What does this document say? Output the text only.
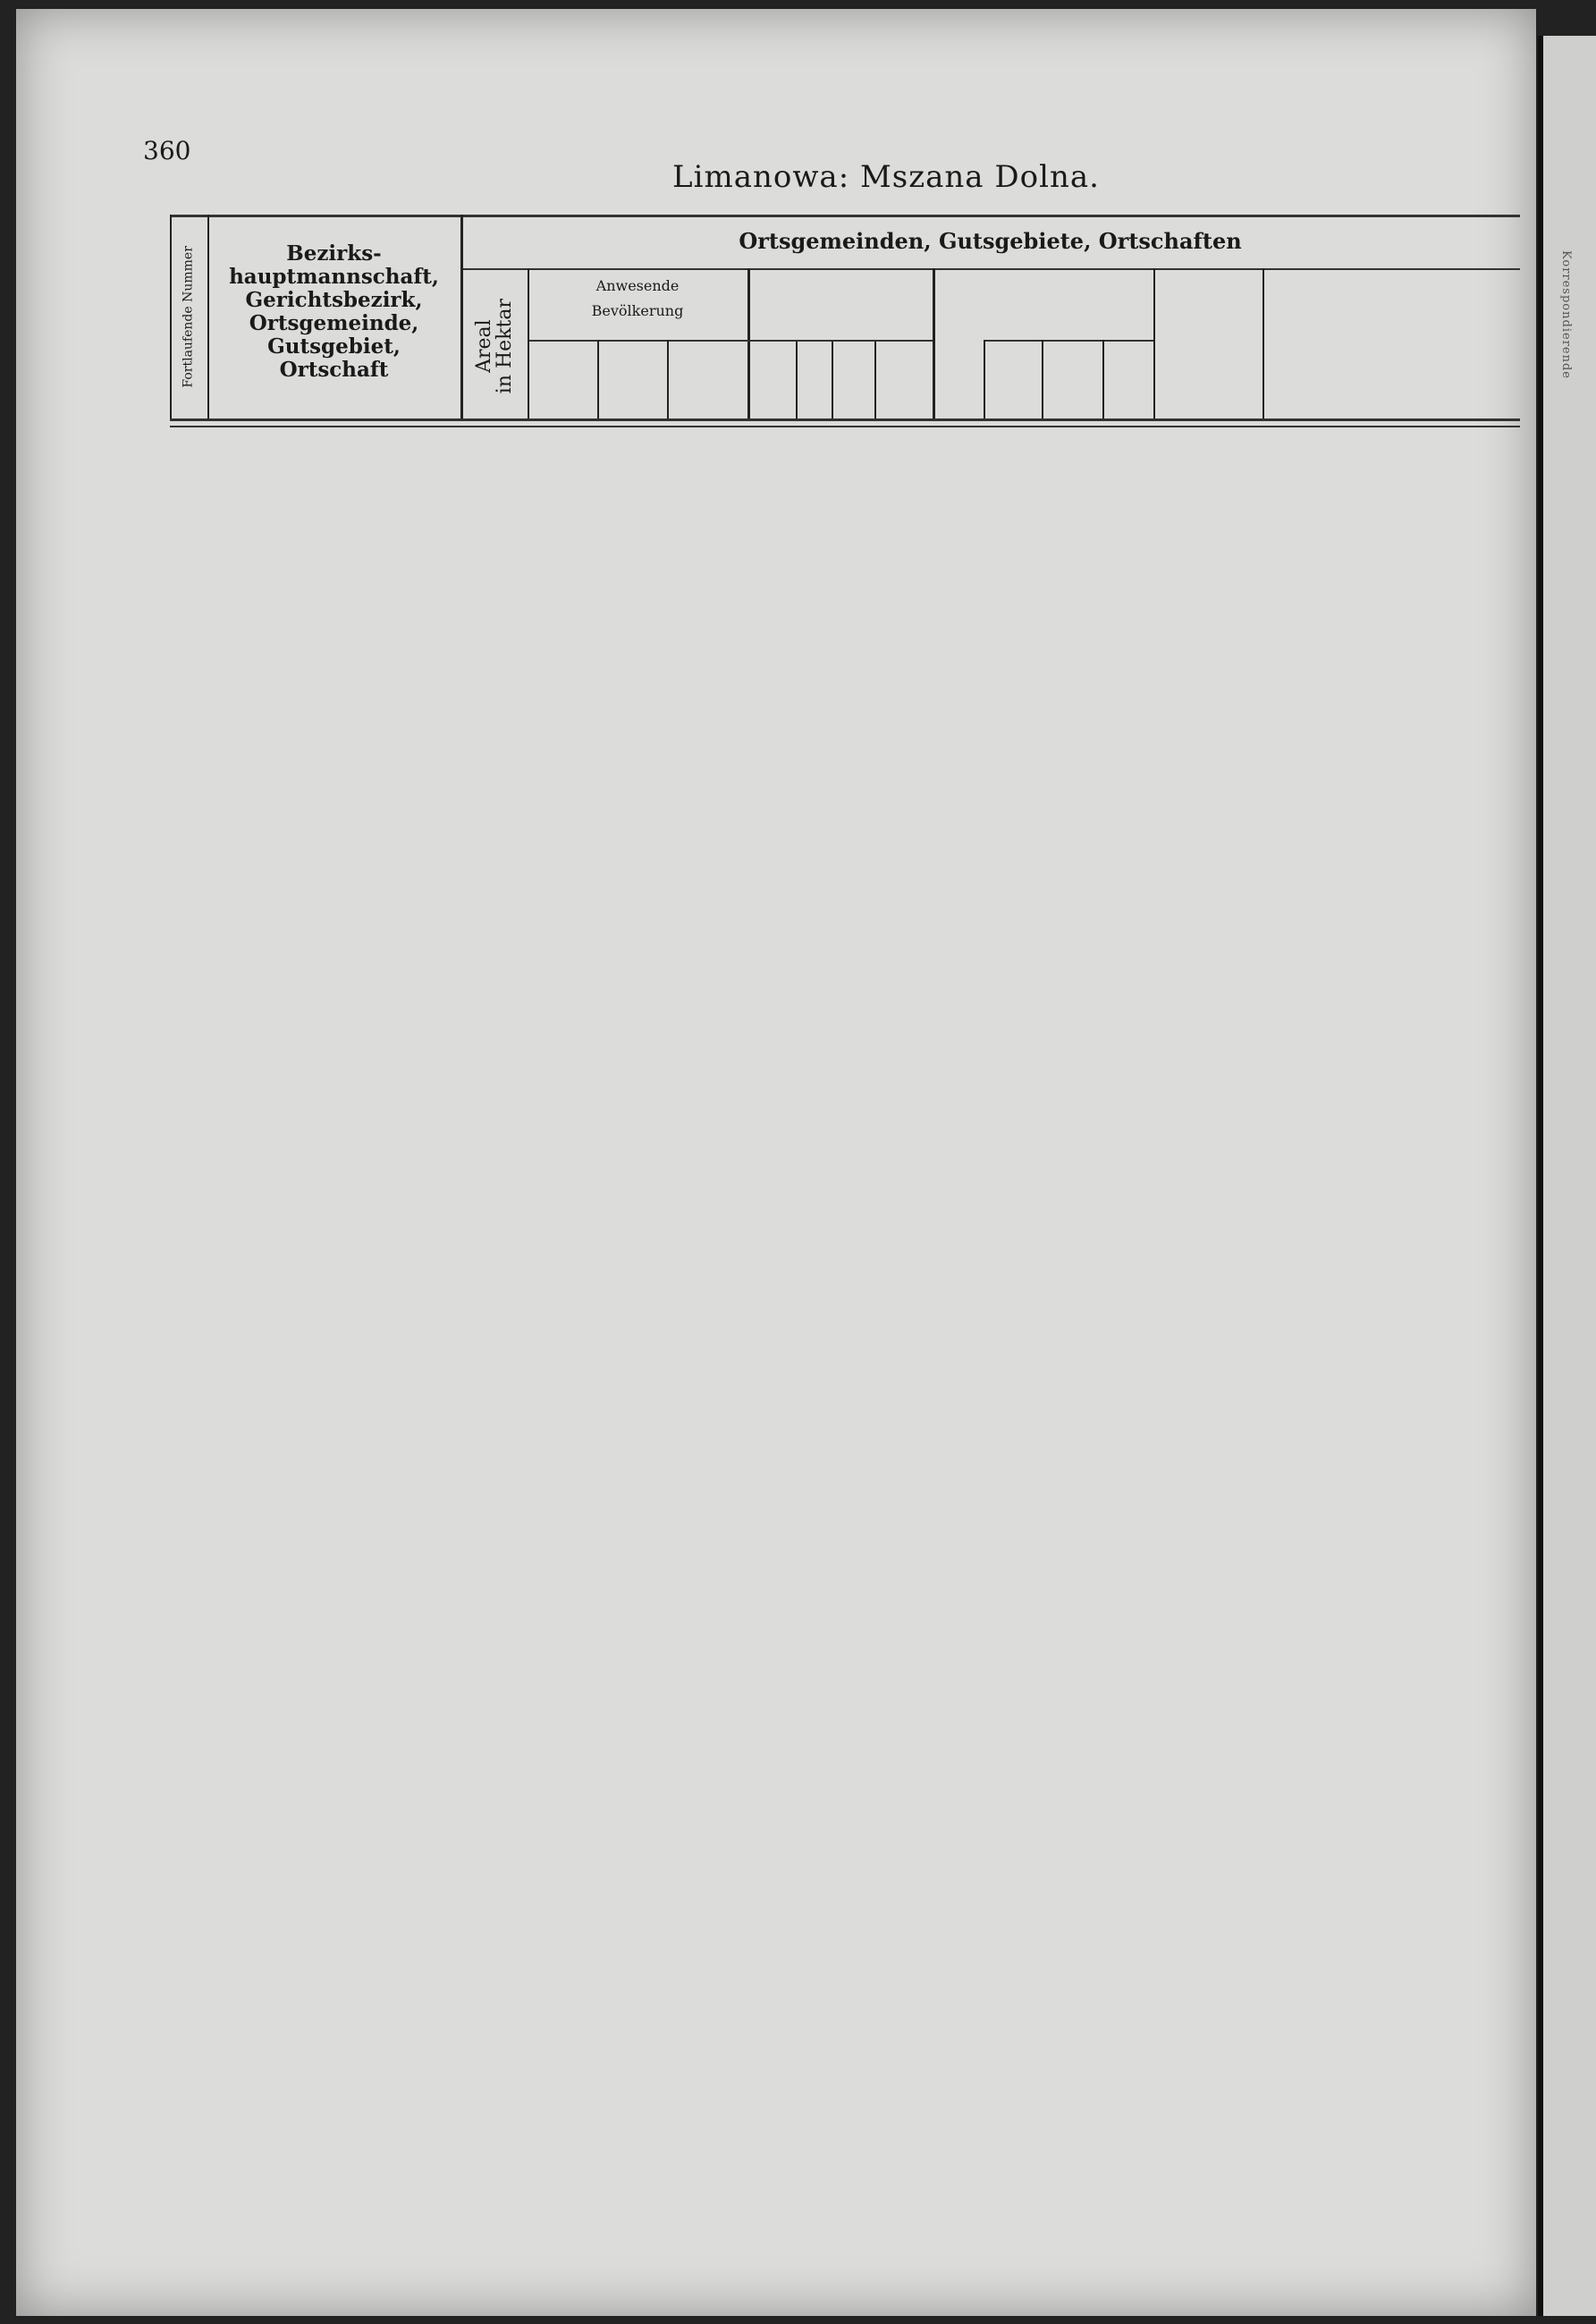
Korrespondierende
360
Limanowa: Mszana Dolna.
Fortlaufende Nummer	Bezirks-
hauptmannschaft,
Gerichtsbezirk,
Ortsgemeinde,
Gutsgebiet,
Ortschaft
Ortsgemeinden, Gutsgebiete, Ortschaften
Areal
in Hektar
Anwesende
Bevölkerung
